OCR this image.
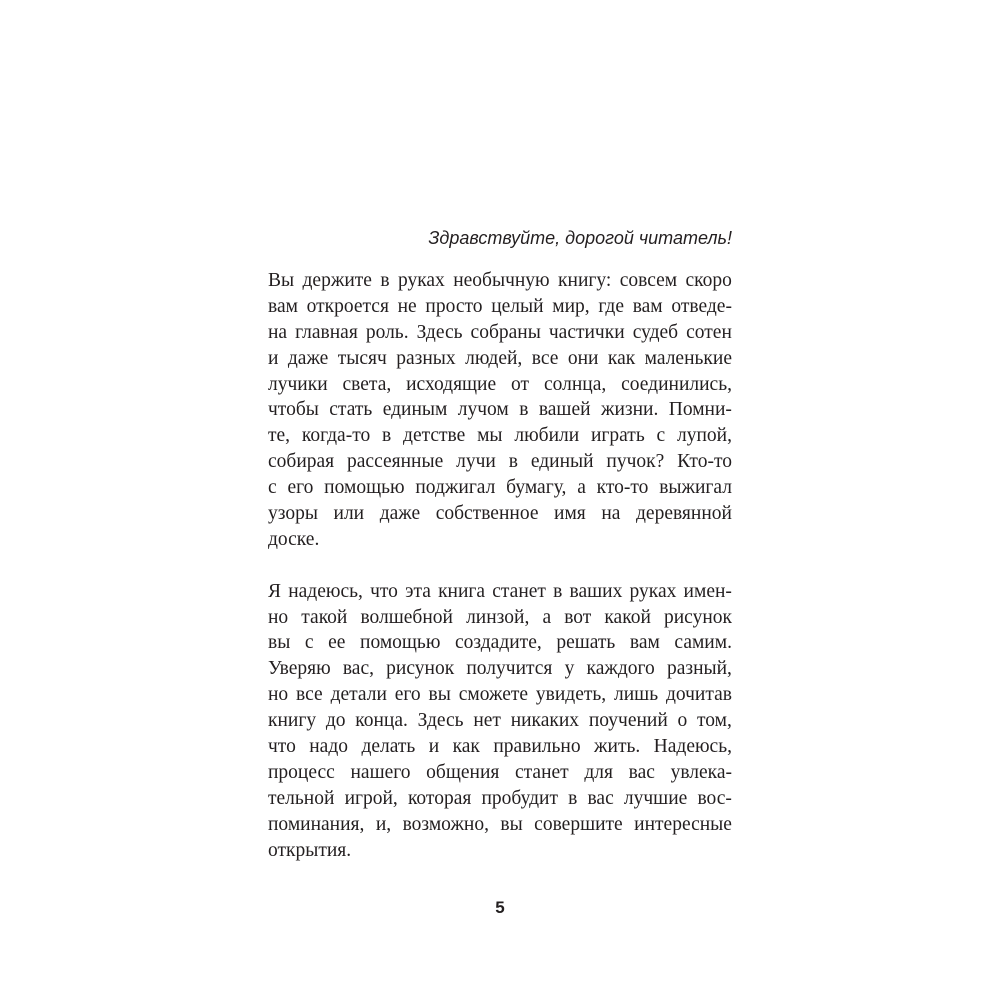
Здравствуйте, дорогой читатель!

Вы держите в руках необычную книгу: совсем скоро
вам откроется не просто целый мир, где вам отведе-
на главная роль. Здесь собраны частички судеб сотен
и даже тысяч разных людей, все они как маленькие
лучики света, исходящие от солнца, соединились,
чтобы стать единым лучом в вашей жизни. Помни-
те, когда-то в детстве мы любили играть с лупой,
собирая рассеянные лучи в единый пучок? Кто-то
с его помощью поджигал бумагу, а кто-то выжигал
узоры или даже собственное имя на деревянной
доске.
Я надеюсь, что эта книга станет в ваших руках имен-
но такой волшебной линзой, а вот какой рисунок
вы с ее помощью создадите, решать вам самим.
Уверяю вас, рисунок получится у каждого разный,
но все детали его вы сможете увидеть, лишь дочитав
книгу до конца. Здесь нет никаких поучений о том,
что надо делать и как правильно жить. Надеюсь,
процесс нашего общения станет для вас увлека-
тельной игрой, которая пробудит в вас лучшие вос-
поминания, и, возможно, вы совершите интересные
открытия.
5
